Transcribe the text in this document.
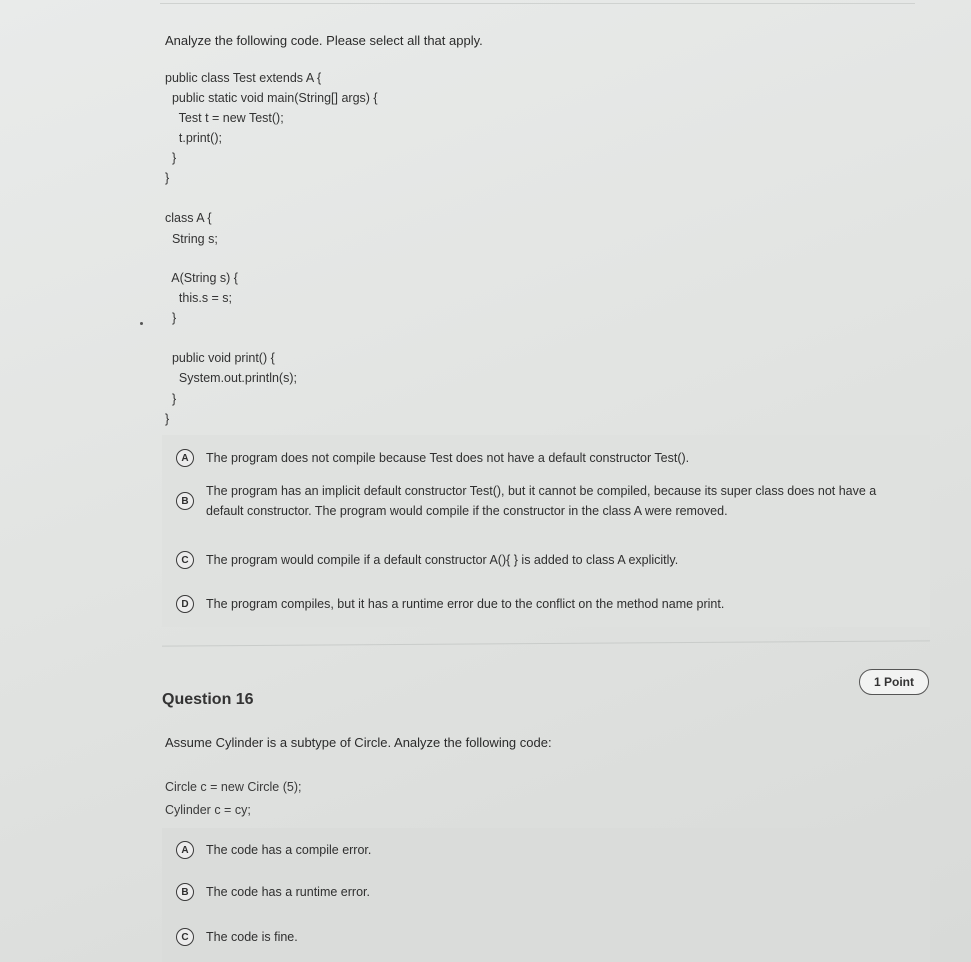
Analyze the following code. Please select all that apply.
public class Test extends A {
public static void main(String[] args) {
Test t = new Test();
t.print();
}
}
class A {
String s;
A(String s) {
this.s = s;
}
public void print() {
System.out.println(s);
}
}
A	The program does not compile because Test does not have a default constructor Test().
B
The program has an implicit default constructor Test(), but it cannot be compiled, because its super class does not have a default constructor. The program would compile if the constructor in the class A were removed.
C	The program would compile if a default constructor A(){ } is added to class A explicitly.
D	The program compiles, but it has a runtime error due to the conflict on the method name print.
1 Point
Question 16
Assume Cylinder is a subtype of Circle. Analyze the following code:
Circle c = new Circle (5);
Cylinder c = cy;
A	The code has a compile error.
B	The code has a runtime error.
C	The code is fine.
